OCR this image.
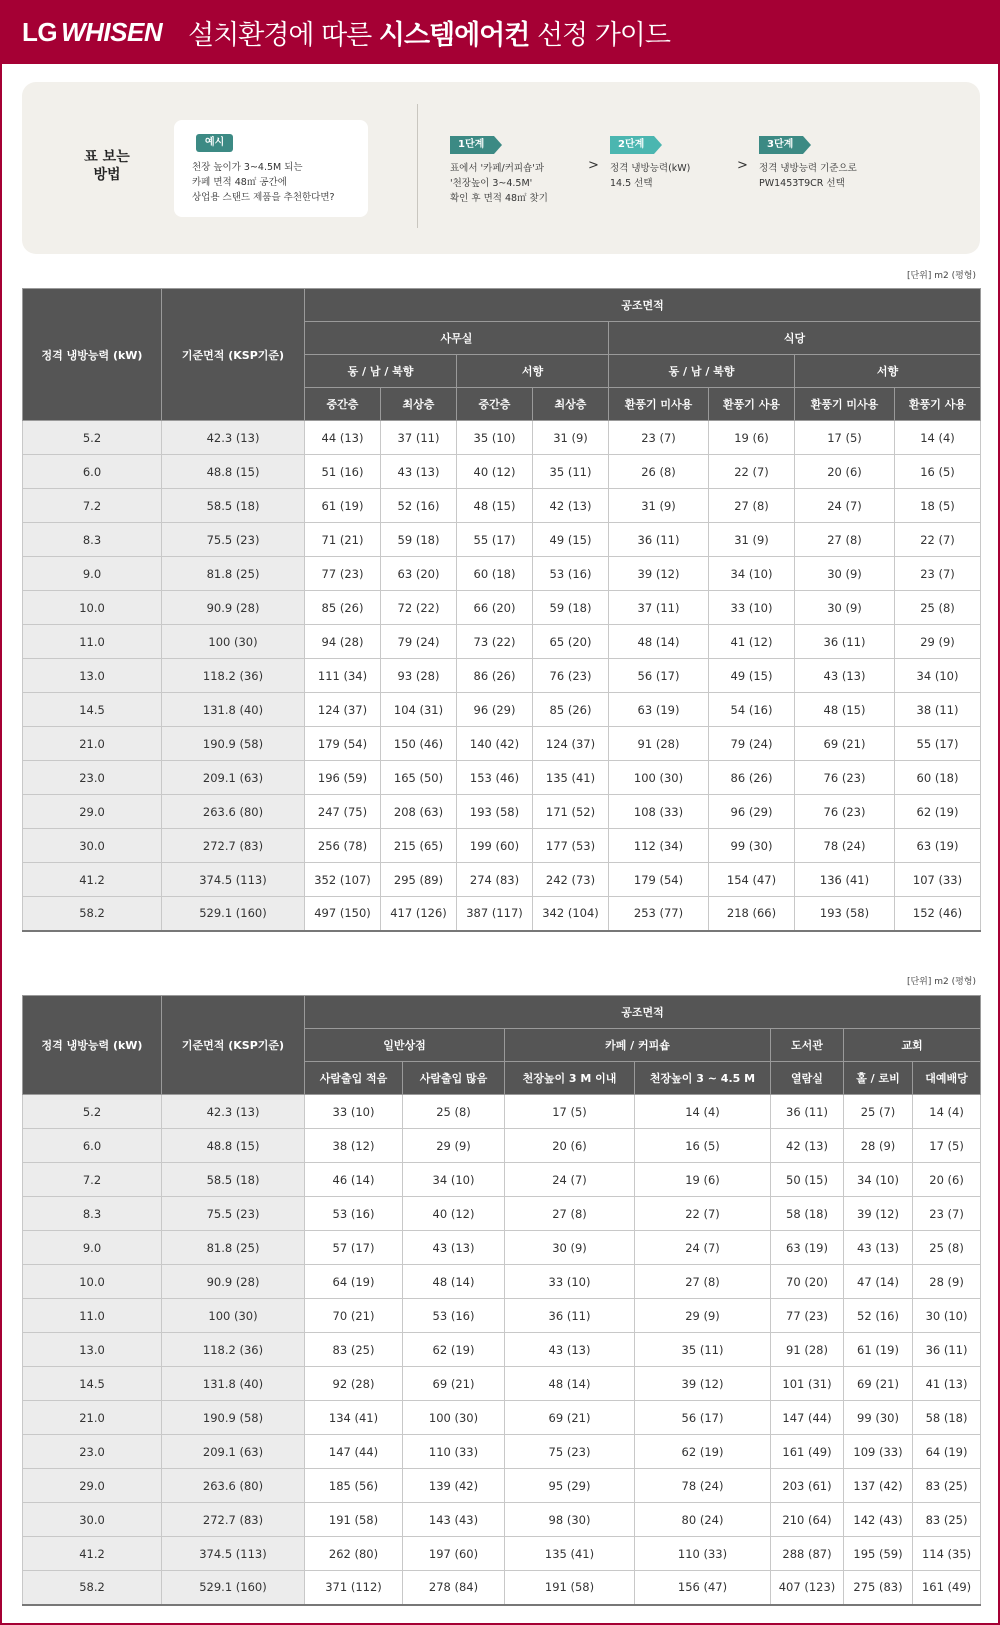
LG WHISEN 설치환경에 따른 시스템에어컨 선정 가이드
표 보는
방법
예시
천장 높이가 3~4.5M 되는
카페 면적 48㎡ 공간에
상업용 스탠드 제품을 추천한다면?
1단계
표에서 '카페/커피숍'과
'천장높이 3~4.5M'
확인 후 면적 48㎡ 찾기
>
2단계
정격 냉방능력(kW)
14.5 선택
>
3단계
정격 냉방능력 기준으로
PW1453T9CR 선택
[단위] m2 (평형)
정격 냉방능력 (kW)	기준면적 (KSP기준)	공조면적							
		사무실				식당			
		동 / 남 / 북향		서향		동 / 남 / 북향		서향	
		중간층	최상층	중간층	최상층	환풍기 미사용	환풍기 사용	환풍기 미사용	환풍기 사용
5.2	42.3 (13)	44 (13)	37 (11)	35 (10)	31 (9)	23 (7)	19 (6)	17 (5)	14 (4)
6.0	48.8 (15)	51 (16)	43 (13)	40 (12)	35 (11)	26 (8)	22 (7)	20 (6)	16 (5)
7.2	58.5 (18)	61 (19)	52 (16)	48 (15)	42 (13)	31 (9)	27 (8)	24 (7)	18 (5)
8.3	75.5 (23)	71 (21)	59 (18)	55 (17)	49 (15)	36 (11)	31 (9)	27 (8)	22 (7)
9.0	81.8 (25)	77 (23)	63 (20)	60 (18)	53 (16)	39 (12)	34 (10)	30 (9)	23 (7)
10.0	90.9 (28)	85 (26)	72 (22)	66 (20)	59 (18)	37 (11)	33 (10)	30 (9)	25 (8)
11.0	100 (30)	94 (28)	79 (24)	73 (22)	65 (20)	48 (14)	41 (12)	36 (11)	29 (9)
13.0	118.2 (36)	111 (34)	93 (28)	86 (26)	76 (23)	56 (17)	49 (15)	43 (13)	34 (10)
14.5	131.8 (40)	124 (37)	104 (31)	96 (29)	85 (26)	63 (19)	54 (16)	48 (15)	38 (11)
21.0	190.9 (58)	179 (54)	150 (46)	140 (42)	124 (37)	91 (28)	79 (24)	69 (21)	55 (17)
23.0	209.1 (63)	196 (59)	165 (50)	153 (46)	135 (41)	100 (30)	86 (26)	76 (23)	60 (18)
29.0	263.6 (80)	247 (75)	208 (63)	193 (58)	171 (52)	108 (33)	96 (29)	76 (23)	62 (19)
30.0	272.7 (83)	256 (78)	215 (65)	199 (60)	177 (53)	112 (34)	99 (30)	78 (24)	63 (19)
41.2	374.5 (113)	352 (107)	295 (89)	274 (83)	242 (73)	179 (54)	154 (47)	136 (41)	107 (33)
58.2	529.1 (160)	497 (150)	417 (126)	387 (117)	342 (104)	253 (77)	218 (66)	193 (58)	152 (46)
[단위] m2 (평형)
정격 냉방능력 (kW)	기준면적 (KSP기준)	공조면적						
		일반상점		카페 / 커피숍		도서관	교회	
		사람출입 적음	사람출입 많음	천장높이 3 M 이내	천장높이 3 ~ 4.5 M	열람실	홀 / 로비	대예배당
5.2	42.3 (13)	33 (10)	25 (8)	17 (5)	14 (4)	36 (11)	25 (7)	14 (4)
6.0	48.8 (15)	38 (12)	29 (9)	20 (6)	16 (5)	42 (13)	28 (9)	17 (5)
7.2	58.5 (18)	46 (14)	34 (10)	24 (7)	19 (6)	50 (15)	34 (10)	20 (6)
8.3	75.5 (23)	53 (16)	40 (12)	27 (8)	22 (7)	58 (18)	39 (12)	23 (7)
9.0	81.8 (25)	57 (17)	43 (13)	30 (9)	24 (7)	63 (19)	43 (13)	25 (8)
10.0	90.9 (28)	64 (19)	48 (14)	33 (10)	27 (8)	70 (20)	47 (14)	28 (9)
11.0	100 (30)	70 (21)	53 (16)	36 (11)	29 (9)	77 (23)	52 (16)	30 (10)
13.0	118.2 (36)	83 (25)	62 (19)	43 (13)	35 (11)	91 (28)	61 (19)	36 (11)
14.5	131.8 (40)	92 (28)	69 (21)	48 (14)	39 (12)	101 (31)	69 (21)	41 (13)
21.0	190.9 (58)	134 (41)	100 (30)	69 (21)	56 (17)	147 (44)	99 (30)	58 (18)
23.0	209.1 (63)	147 (44)	110 (33)	75 (23)	62 (19)	161 (49)	109 (33)	64 (19)
29.0	263.6 (80)	185 (56)	139 (42)	95 (29)	78 (24)	203 (61)	137 (42)	83 (25)
30.0	272.7 (83)	191 (58)	143 (43)	98 (30)	80 (24)	210 (64)	142 (43)	83 (25)
41.2	374.5 (113)	262 (80)	197 (60)	135 (41)	110 (33)	288 (87)	195 (59)	114 (35)
58.2	529.1 (160)	371 (112)	278 (84)	191 (58)	156 (47)	407 (123)	275 (83)	161 (49)
